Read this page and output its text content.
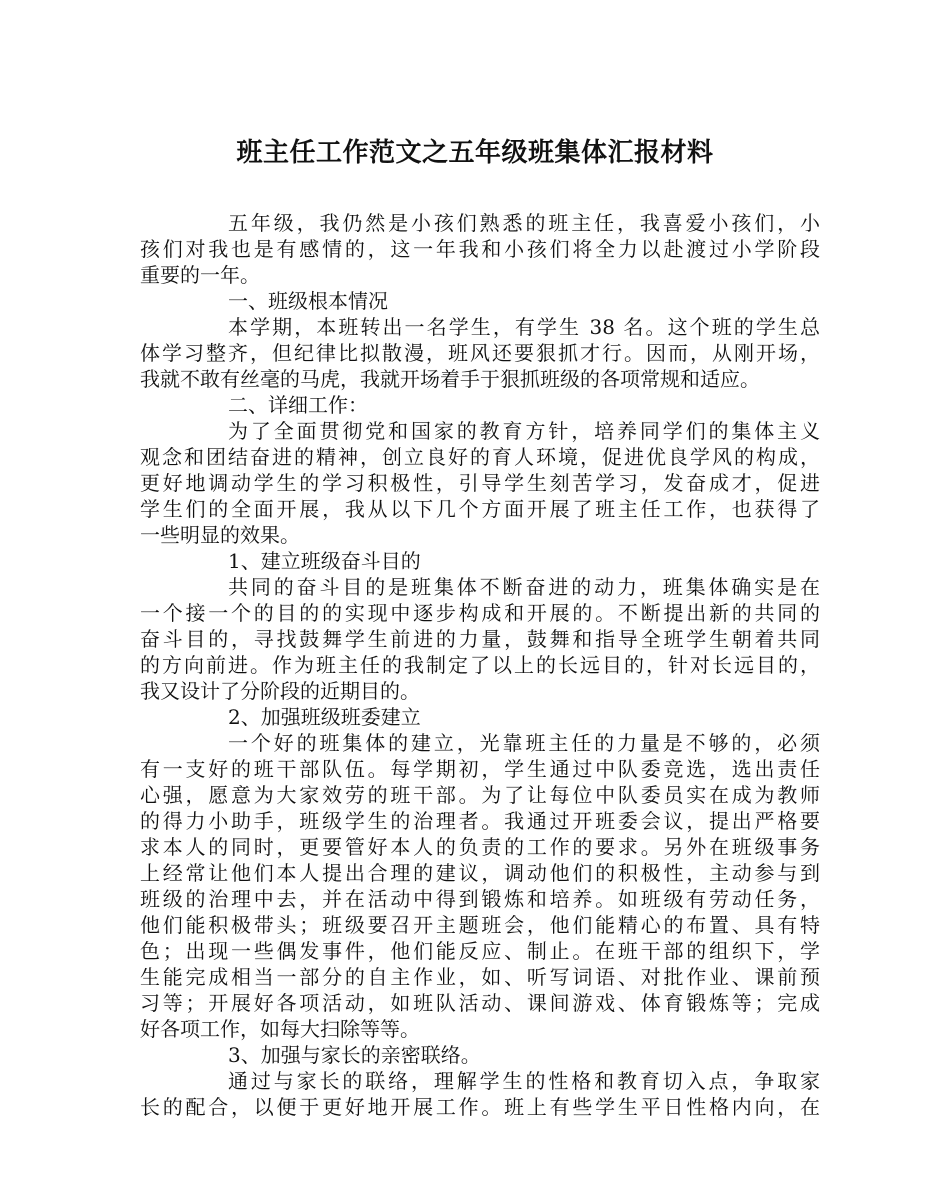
班主任工作范文之五年级班集体汇报材料
五年级，我仍然是小孩们熟悉的班主任，我喜爱小孩们，小
孩们对我也是有感情的，这一年我和小孩们将全力以赴渡过小学阶段
重要的一年。
一、班级根本情况
本学期，本班转出一名学生，有学生 38 名。这个班的学生总
体学习整齐，但纪律比拟散漫，班风还要狠抓才行。因而，从刚开场，
我就不敢有丝毫的马虎，我就开场着手于狠抓班级的各项常规和适应。
二、详细工作：
为了全面贯彻党和国家的教育方针，培养同学们的集体主义
观念和团结奋进的精神，创立良好的育人环境，促进优良学风的构成，
更好地调动学生的学习积极性，引导学生刻苦学习，发奋成才，促进
学生们的全面开展，我从以下几个方面开展了班主任工作，也获得了
一些明显的效果。
1、建立班级奋斗目的
共同的奋斗目的是班集体不断奋进的动力，班集体确实是在
一个接一个的目的的实现中逐步构成和开展的。不断提出新的共同的
奋斗目的，寻找鼓舞学生前进的力量，鼓舞和指导全班学生朝着共同
的方向前进。作为班主任的我制定了以上的长远目的，针对长远目的，
我又设计了分阶段的近期目的。
2、加强班级班委建立
一个好的班集体的建立，光靠班主任的力量是不够的，必须
有一支好的班干部队伍。每学期初，学生通过中队委竞选，选出责任
心强，愿意为大家效劳的班干部。为了让每位中队委员实在成为教师
的得力小助手，班级学生的治理者。我通过开班委会议，提出严格要
求本人的同时，更要管好本人的负责的工作的要求。另外在班级事务
上经常让他们本人提出合理的建议，调动他们的积极性，主动参与到
班级的治理中去，并在活动中得到锻炼和培养。如班级有劳动任务，
他们能积极带头；班级要召开主题班会，他们能精心的布置、具有特
色；出现一些偶发事件，他们能反应、制止。在班干部的组织下，学
生能完成相当一部分的自主作业，如、听写词语、对批作业、课前预
习等；开展好各项活动，如班队活动、课间游戏、体育锻炼等；完成
好各项工作，如每大扫除等等。
3、加强与家长的亲密联络。
通过与家长的联络，理解学生的性格和教育切入点，争取家
长的配合，以便于更好地开展工作。班上有些学生平日性格内向，在
